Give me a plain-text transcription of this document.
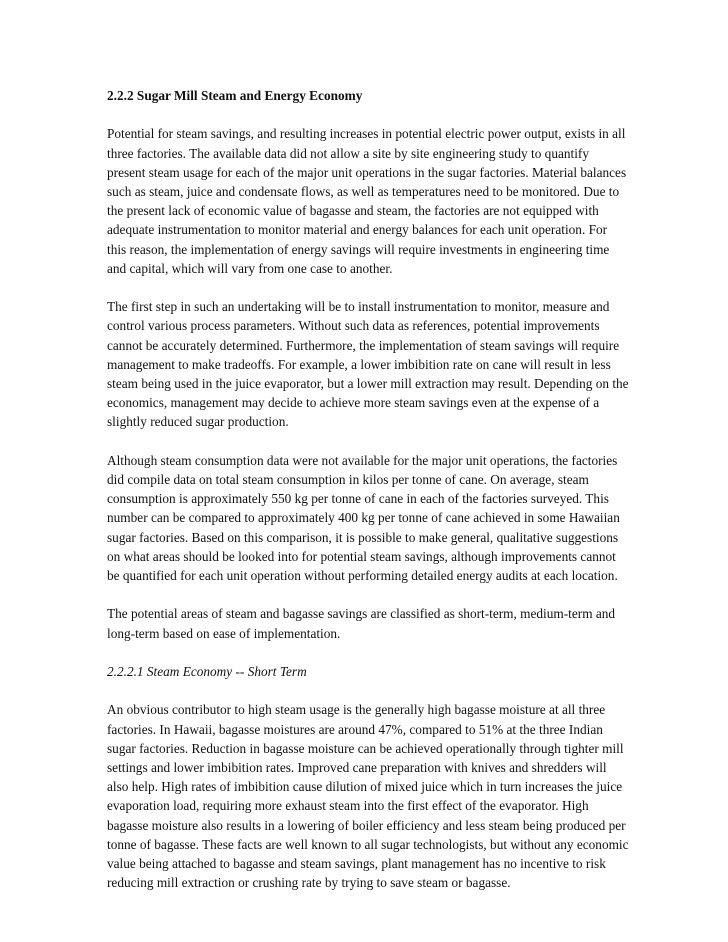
2.2.2 Sugar Mill Steam and Energy Economy

Potential for steam savings, and resulting increases in potential electric power output, exists in all three factories. The available data did not allow a site by site engineering study to quantify present steam usage for each of the major unit operations in the sugar factories. Material balances such as steam, juice and condensate flows, as well as temperatures need to be monitored. Due to the present lack of economic value of bagasse and steam, the factories are not equipped with adequate instrumentation to monitor material and energy balances for each unit operation. For this reason, the implementation of energy savings will require investments in engineering time and capital, which will vary from one case to another.

The first step in such an undertaking will be to install instrumentation to monitor, measure and control various process parameters. Without such data as references, potential improvements cannot be accurately determined. Furthermore, the implementation of steam savings will require management to make tradeoffs. For example, a lower imbibition rate on cane will result in less steam being used in the juice evaporator, but a lower mill extraction may result. Depending on the economics, management may decide to achieve more steam savings even at the expense of a slightly reduced sugar production.

Although steam consumption data were not available for the major unit operations, the factories did compile data on total steam consumption in kilos per tonne of cane. On average, steam consumption is approximately 550 kg per tonne of cane in each of the factories surveyed. This number can be compared to approximately 400 kg per tonne of cane achieved in some Hawaiian sugar factories. Based on this comparison, it is possible to make general, qualitative suggestions on what areas should be looked into for potential steam savings, although improvements cannot be quantified for each unit operation without performing detailed energy audits at each location.

The potential areas of steam and bagasse savings are classified as short-term, medium-term and long-term based on ease of implementation.

2.2.2.1 Steam Economy -- Short Term

An obvious contributor to high steam usage is the generally high bagasse moisture at all three factories. In Hawaii, bagasse moistures are around 47%, compared to 51% at the three Indian sugar factories. Reduction in bagasse moisture can be achieved operationally through tighter mill settings and lower imbibition rates. Improved cane preparation with knives and shredders will also help. High rates of imbibition cause dilution of mixed juice which in turn increases the juice evaporation load, requiring more exhaust steam into the first effect of the evaporator. High bagasse moisture also results in a lowering of boiler efficiency and less steam being produced per tonne of bagasse. These facts are well known to all sugar technologists, but without any economic value being attached to bagasse and steam savings, plant management has no incentive to risk reducing mill extraction or crushing rate by trying to save steam or bagasse.
